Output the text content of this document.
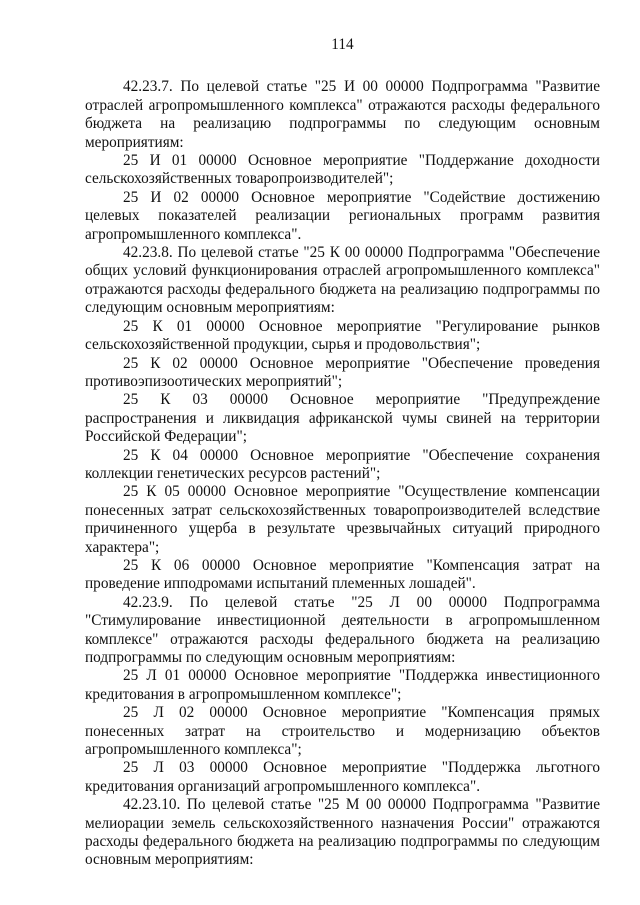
114

42.23.7. По целевой статье "25 И 00 00000 Подпрограмма "Развитие отраслей агропромышленного комплекса" отражаются расходы федерального бюджета на реализацию подпрограммы по следующим основным мероприятиям:

25 И 01 00000 Основное мероприятие "Поддержание доходности сельскохозяйственных товаропроизводителей";

25 И 02 00000 Основное мероприятие "Содействие достижению целевых показателей реализации региональных программ развития агропромышленного комплекса".

42.23.8. По целевой статье "25 К 00 00000 Подпрограмма "Обеспечение общих условий функционирования отраслей агропромышленного комплекса" отражаются расходы федерального бюджета на реализацию подпрограммы по следующим основным мероприятиям:

25 К 01 00000 Основное мероприятие "Регулирование рынков сельскохозяйственной продукции, сырья и продовольствия";

25 К 02 00000 Основное мероприятие "Обеспечение проведения противоэпизоотических мероприятий";

25 К 03 00000 Основное мероприятие "Предупреждение распространения и ликвидация африканской чумы свиней на территории Российской Федерации";

25 К 04 00000 Основное мероприятие "Обеспечение сохранения коллекции генетических ресурсов растений";

25 К 05 00000 Основное мероприятие "Осуществление компенсации понесенных затрат сельскохозяйственных товаропроизводителей вследствие причиненного ущерба в результате чрезвычайных ситуаций природного характера";

25 К 06 00000 Основное мероприятие "Компенсация затрат на проведение ипподромами испытаний племенных лошадей".

42.23.9. По целевой статье "25 Л 00 00000 Подпрограмма "Стимулирование инвестиционной деятельности в агропромышленном комплексе" отражаются расходы федерального бюджета на реализацию подпрограммы по следующим основным мероприятиям:

25 Л 01 00000 Основное мероприятие "Поддержка инвестиционного кредитования в агропромышленном комплексе";

25 Л 02 00000 Основное мероприятие "Компенсация прямых понесенных затрат на строительство и модернизацию объектов агропромышленного комплекса";

25 Л 03 00000 Основное мероприятие "Поддержка льготного кредитования организаций агропромышленного комплекса".

42.23.10. По целевой статье "25 М 00 00000 Подпрограмма "Развитие мелиорации земель сельскохозяйственного назначения России" отражаются расходы федерального бюджета на реализацию подпрограммы по следующим основным мероприятиям:
